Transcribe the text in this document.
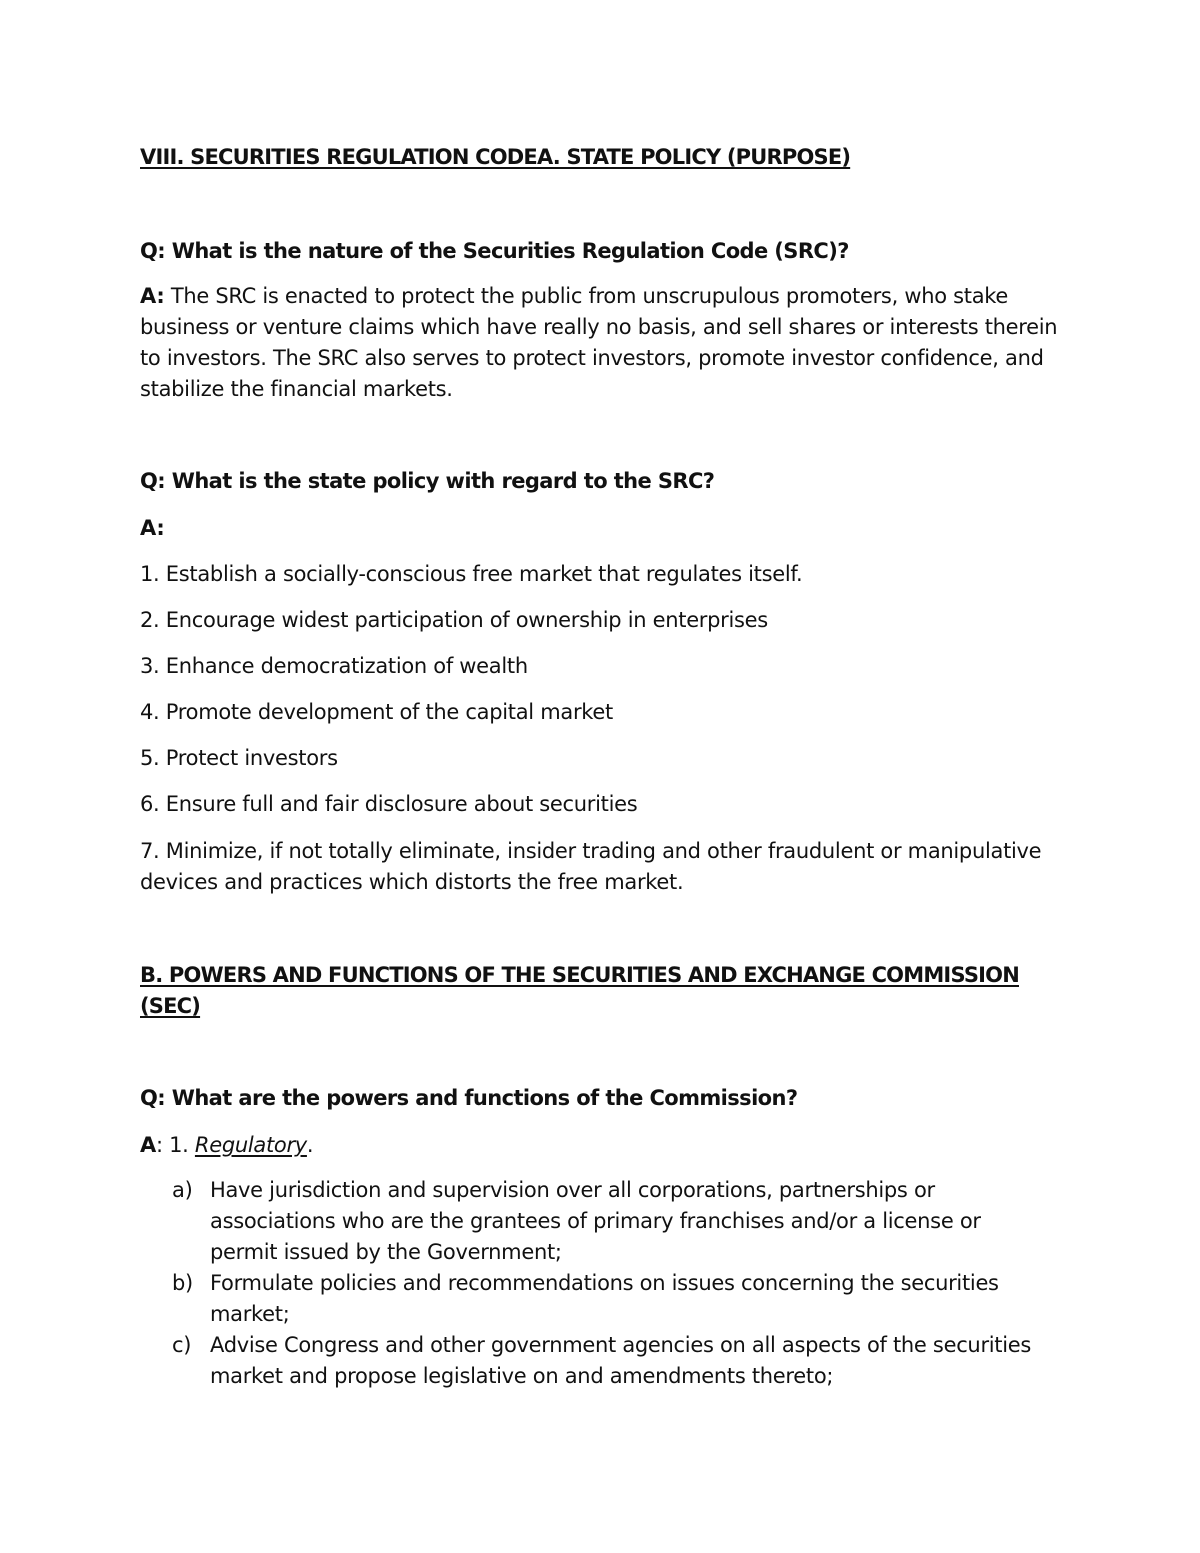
VIII. SECURITIES REGULATION CODEA. STATE POLICY (PURPOSE)
Q: What is the nature of the Securities Regulation Code (SRC)?
A: The SRC is enacted to protect the public from unscrupulous promoters, who stake business or venture claims which have really no basis, and sell shares or interests therein to investors. The SRC also serves to protect investors, promote investor confidence, and stabilize the financial markets.
Q: What is the state policy with regard to the SRC?
A:
1. Establish a socially-conscious free market that regulates itself.
2. Encourage widest participation of ownership in enterprises
3. Enhance democratization of wealth
4. Promote development of the capital market
5. Protect investors
6. Ensure full and fair disclosure about securities
7. Minimize, if not totally eliminate, insider trading and other fraudulent or manipulative devices and practices which distorts the free market.
B. POWERS AND FUNCTIONS OF THE SECURITIES AND EXCHANGE COMMISSION (SEC)
Q: What are the powers and functions of the Commission?
A: 1. Regulatory.
a) Have jurisdiction and supervision over all corporations, partnerships or associations who are the grantees of primary franchises and/or a license or permit issued by the Government;
b) Formulate policies and recommendations on issues concerning the securities market;
c) Advise Congress and other government agencies on all aspects of the securities market and propose legislative on and amendments thereto;
